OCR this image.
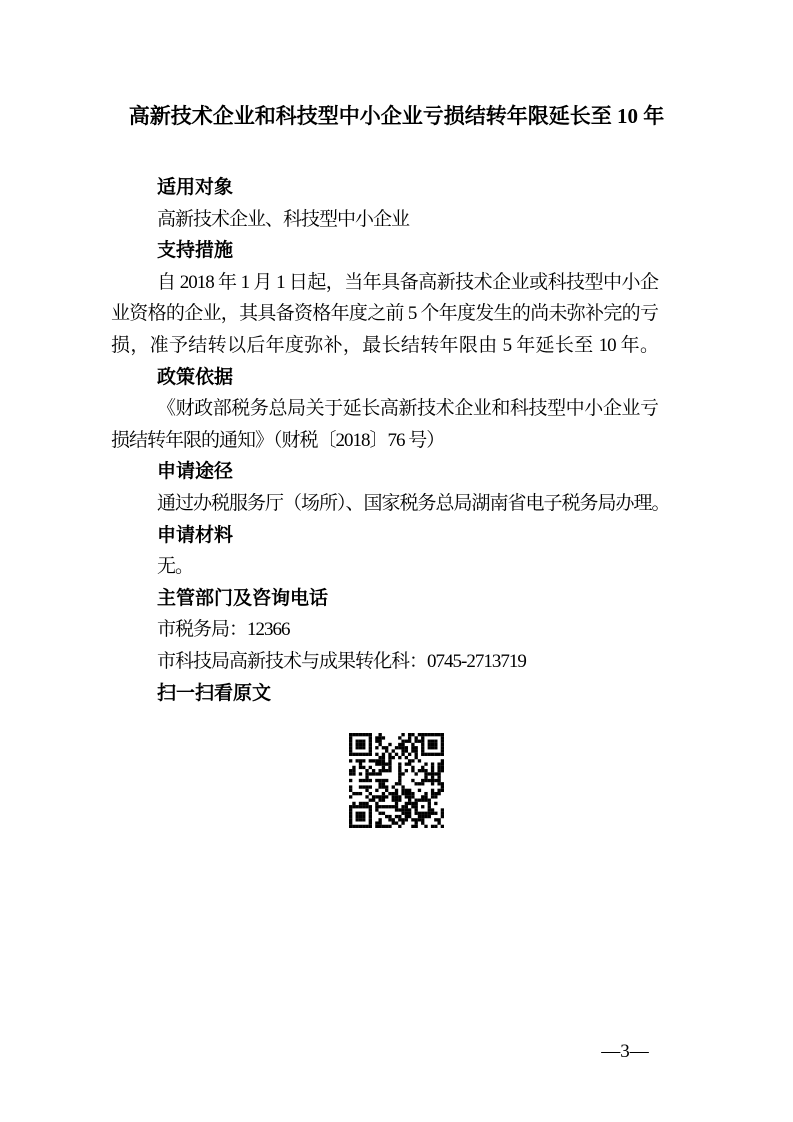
高新技术企业和科技型中小企业亏损结转年限延长至 10 年
适用对象
高新技术企业、科技型中小企业
支持措施
自 2018 年 1 月 1 日起，当年具备高新技术企业或科技型中小企
业资格的企业，其具备资格年度之前 5 个年度发生的尚未弥补完的亏
损，准予结转以后年度弥补，最长结转年限由 5 年延长至 10 年。
政策依据
《财政部税务总局关于延长高新技术企业和科技型中小企业亏
损结转年限的通知》（财税〔2018〕76 号）
申请途径
通过办税服务厅（场所）、国家税务总局湖南省电子税务局办理。
申请材料
无。
主管部门及咨询电话
市税务局：12366
市科技局高新技术与成果转化科：0745-2713719
扫一扫看原文
—3—
